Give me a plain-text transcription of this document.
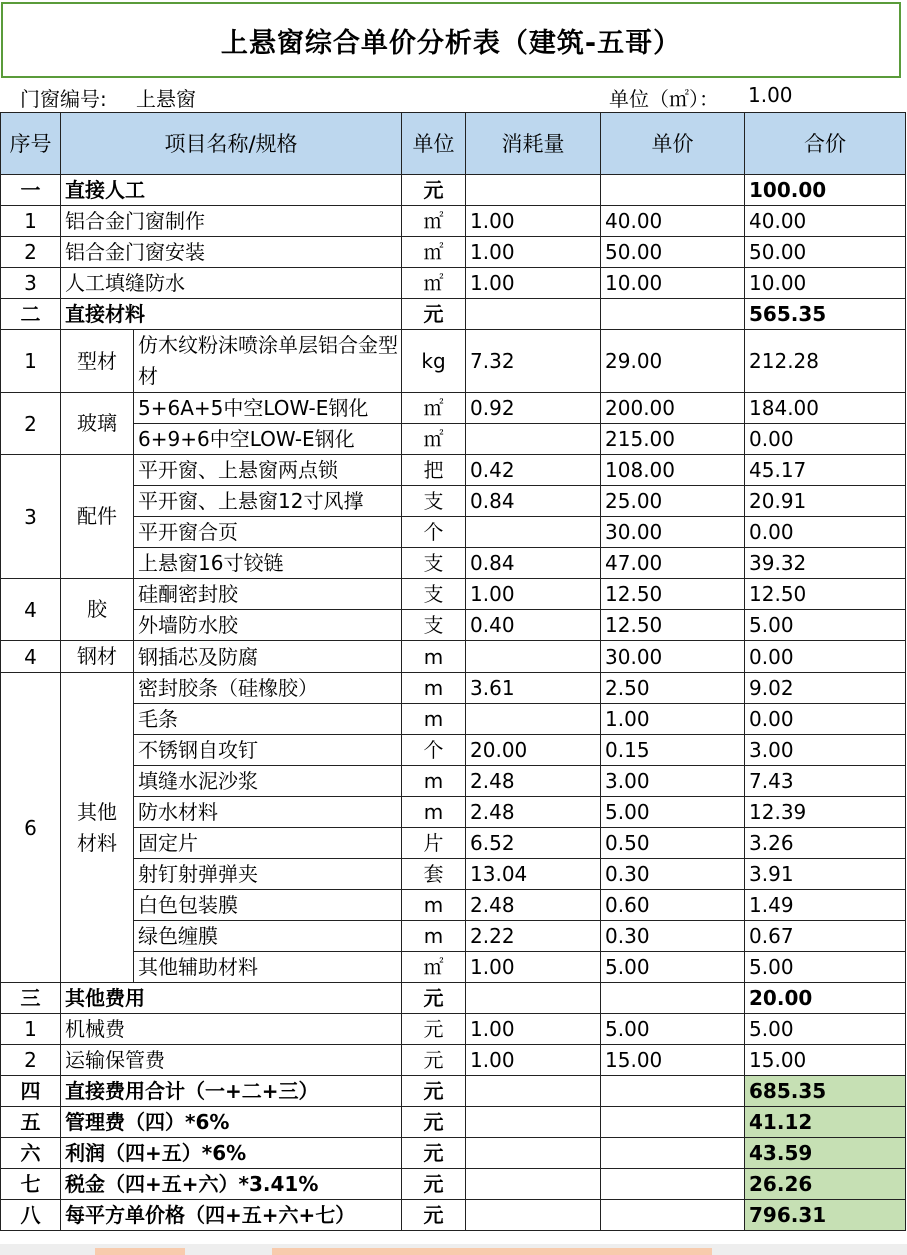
上悬窗综合单价分析表（建筑-五哥）
门窗编号: 上悬窗	单位（㎡）： 1.00
序号	项目名称/规格		单位	消耗量	单价	合价
一	直接人工		元			100.00
1	铝合金门窗制作		㎡	1.00	40.00	40.00
2	铝合金门窗安装		㎡	1.00	50.00	50.00
3	人工填缝防水		㎡	1.00	10.00	10.00
二	直接材料		元			565.35
1	型材	仿木纹粉沫喷涂单层铝合金型材	kg	7.32	29.00	212.28
2	玻璃	5+6A+5中空LOW-E钢化	㎡	0.92	200.00	184.00
		6+9+6中空LOW-E钢化	㎡		215.00	0.00
3	配件	平开窗、上悬窗两点锁	把	0.42	108.00	45.17
		平开窗、上悬窗12寸风撑	支	0.84	25.00	20.91
		平开窗合页	个		30.00	0.00
		上悬窗16寸铰链	支	0.84	47.00	39.32
4	胶	硅酮密封胶	支	1.00	12.50	12.50
		外墙防水胶	支	0.40	12.50	5.00
4	钢材	钢插芯及防腐	m		30.00	0.00
6	其他材料	密封胶条（硅橡胶）	m	3.61	2.50	9.02
		毛条	m		1.00	0.00
		不锈钢自攻钉	个	20.00	0.15	3.00
		填缝水泥沙浆	m	2.48	3.00	7.43
		防水材料	m	2.48	5.00	12.39
		固定片	片	6.52	0.50	3.26
		射钉射弹弹夹	套	13.04	0.30	3.91
		白色包装膜	m	2.48	0.60	1.49
		绿色缠膜	m	2.22	0.30	0.67
		其他辅助材料	㎡	1.00	5.00	5.00
三	其他费用		元			20.00
1	机械费		元	1.00	5.00	5.00
2	运输保管费		元	1.00	15.00	15.00
四	直接费用合计（一+二+三）		元			685.35
五	管理费（四）*6%		元			41.12
六	利润（四+五）*6%		元			43.59
七	税金（四+五+六）*3.41%		元			26.26
八	每平方单价格（四+五+六+七）		元			796.31
